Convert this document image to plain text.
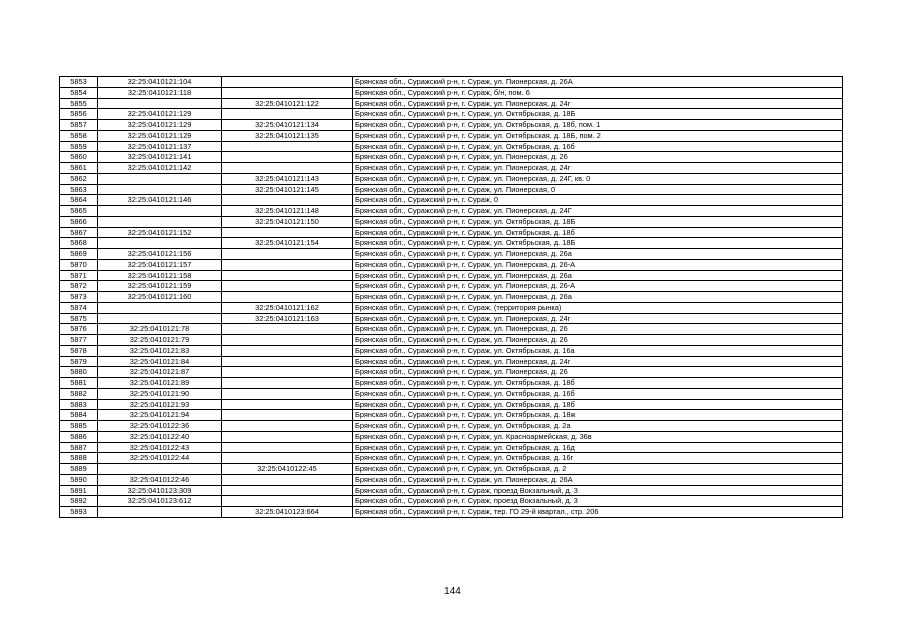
5853	32:25:0410121:104		Брянская обл., Суражский р-н, г. Сураж, ул. Пионерская, д. 26А
5854	32:25:0410121:118		Брянская обл., Суражский р-н, г. Сураж, б/н, пом. 6
5855		32:25:0410121:122	Брянская обл., Суражский р-н, г. Сураж, ул. Пионерская, д. 24г
5856	32:25:0410121:129		Брянская обл., Суражский р-н, г. Сураж, ул. Октябрьская, д. 18Б
5857	32:25:0410121:129	32:25:0410121:134	Брянская обл., Суражский р-н, г. Сураж, ул. Октябрьская, д. 18б, пом. 1
5858	32:25:0410121:129	32:25:0410121:135	Брянская обл., Суражский р-н, г. Сураж, ул. Октябрьская, д. 18Б, пом. 2
5859	32:25:0410121:137		Брянская обл., Суражский р-н, г. Сураж, ул. Октябрьская, д. 16б
5860	32:25:0410121:141		Брянская обл., Суражский р-н, г. Сураж, ул. Пионерская, д. 26
5861	32:25:0410121:142		Брянская обл., Суражский р-н, г. Сураж, ул. Пионерская, д. 24г
5862		32:25:0410121:143	Брянская обл., Суражский р-н, г. Сураж, ул. Пионерская, д. 24Г, кв. 0
5863		32:25:0410121:145	Брянская обл., Суражский р-н, г. Сураж, ул. Пионерская, 0
5864	32:25:0410121:146		Брянская обл., Суражский р-н, г. Сураж, 0
5865		32:25:0410121:148	Брянская обл., Суражский р-н, г. Сураж, ул. Пионерская, д. 24Г
5866		32:25:0410121:150	Брянская обл., Суражский р-н, г. Сураж, ул. Октябрьская, д. 18Б
5867	32:25:0410121:152		Брянская обл., Суражский р-н, г. Сураж, ул. Октябрьская, д. 18б
5868		32:25:0410121:154	Брянская обл., Суражский р-н, г. Сураж, ул. Октябрьская, д. 18Б
5869	32:25:0410121:156		Брянская обл., Суражский р-н, г. Сураж, ул. Пионерская, д. 26а
5870	32:25:0410121:157		Брянская обл., Суражский р-н, г. Сураж, ул. Пионерская, д. 26-А
5871	32:25:0410121:158		Брянская обл., Суражский р-н, г. Сураж, ул. Пионерская, д. 26а
5872	32:25:0410121:159		Брянская обл., Суражский р-н, г. Сураж, ул. Пионерская, д. 26-А
5873	32:25:0410121:160		Брянская обл., Суражский р-н, г. Сураж, ул. Пионерская, д. 26а
5874		32:25:0410121:162	Брянская обл., Суражский р-н, г. Сураж, (территория рынка)
5875		32:25:0410121:163	Брянская обл., Суражский р-н, г. Сураж, ул. Пионерская, д. 24г
5876	32:25:0410121:78		Брянская обл., Суражский р-н, г. Сураж, ул. Пионерская, д. 26
5877	32:25:0410121:79		Брянская обл., Суражский р-н, г. Сураж, ул. Пионерская, д. 26
5878	32:25:0410121:83		Брянская обл., Суражский р-н, г. Сураж, ул. Октябрьская, д. 16а
5879	32:25:0410121:84		Брянская обл., Суражский р-н, г. Сураж, ул. Пионерская, д. 24г
5880	32:25:0410121:87		Брянская обл., Суражский р-н, г. Сураж, ул. Пионерская, д. 26
5881	32:25:0410121:89		Брянская обл., Суражский р-н, г. Сураж, ул. Октябрьская, д. 18б
5882	32:25:0410121:90		Брянская обл., Суражский р-н, г. Сураж, ул. Октябрьская, д. 16б
5883	32:25:0410121:93		Брянская обл., Суражский р-н, г. Сураж, ул. Октябрьская, д. 18б
5884	32:25:0410121:94		Брянская обл., Суражский р-н, г. Сураж, ул. Октябрьская, д. 18ж
5885	32:25:0410122:36		Брянская обл., Суражский р-н, г. Сураж, ул. Октябрьская, д. 2а
5886	32:25:0410122:40		Брянская обл., Суражский р-н, г. Сураж, ул. Красноармейская, д. 36в
5887	32:25:0410122:43		Брянская обл., Суражский р-н, г. Сураж, ул. Октябрьская, д. 16д
5888	32:25:0410122:44		Брянская обл., Суражский р-н, г. Сураж, ул. Октябрьская, д. 16г
5889		32:25:0410122:45	Брянская обл., Суражский р-н, г. Сураж, ул. Октябрьская, д. 2
5890	32:25:0410122:46		Брянская обл., Суражский р-н, г. Сураж, ул. Пионерская, д. 26А
5891	32:25:0410123:309		Брянская обл., Суражский р-н, г. Сураж, проезд Вокзальный, д. 3
5892	32:25:0410123:612		Брянская обл., Суражский р-н, г. Сураж, проезд Вокзальный, д. 3
5893		32:25:0410123:664	Брянская обл., Суражский р-н, г. Сураж, тер. ГО 29-й квартал., стр. 206
144
